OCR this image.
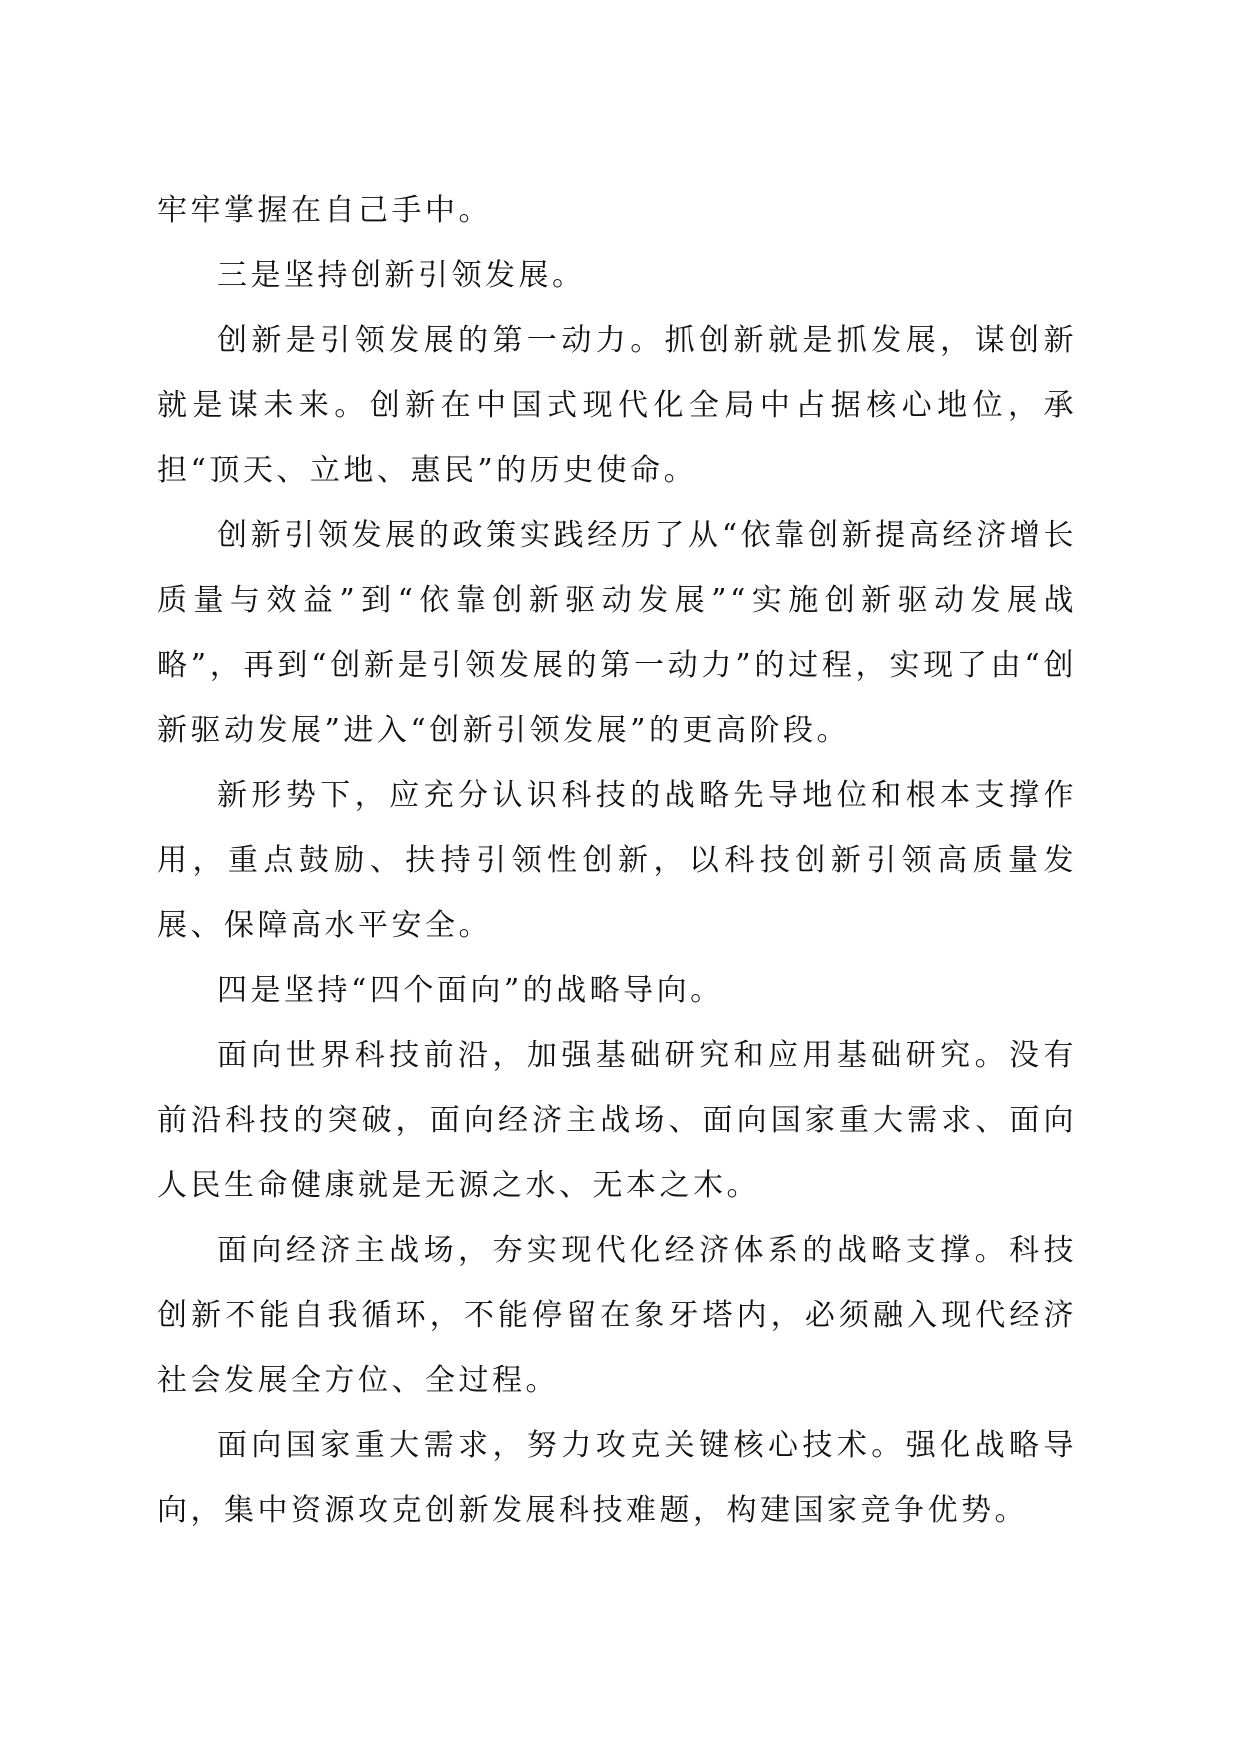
牢牢掌握在自己手中。

三是坚持创新引领发展。

创新是引领发展的第一动力。抓创新就是抓发展，谋创新就是谋未来。创新在中国式现代化全局中占据核心地位，承担“顶天、立地、惠民”的历史使命。

创新引领发展的政策实践经历了从“依靠创新提高经济增长质量与效益”到“依靠创新驱动发展”“实施创新驱动发展战略”，再到“创新是引领发展的第一动力”的过程，实现了由“创新驱动发展”进入“创新引领发展”的更高阶段。

新形势下，应充分认识科技的战略先导地位和根本支撑作用，重点鼓励、扶持引领性创新，以科技创新引领高质量发展、保障高水平安全。

四是坚持“四个面向”的战略导向。

面向世界科技前沿，加强基础研究和应用基础研究。没有前沿科技的突破，面向经济主战场、面向国家重大需求、面向人民生命健康就是无源之水、无本之木。

面向经济主战场，夯实现代化经济体系的战略支撑。科技创新不能自我循环，不能停留在象牙塔内，必须融入现代经济社会发展全方位、全过程。

面向国家重大需求，努力攻克关键核心技术。强化战略导向，集中资源攻克创新发展科技难题，构建国家竞争优势。
